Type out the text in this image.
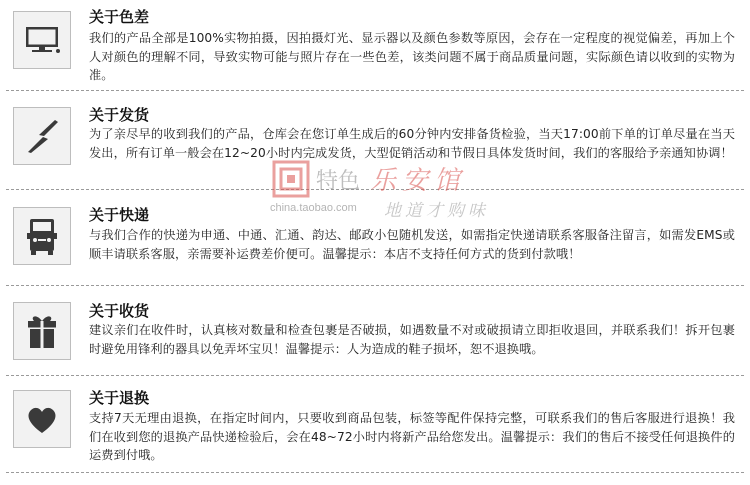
关于色差
我们的产品全部是100%实物拍摄，因拍摄灯光、显示器以及颜色参数等原因，会存在一定程度的视觉偏差，再加上个人对颜色的理解不同，导致实物可能与照片存在一些色差，该类问题不属于商品质量问题，实际颜色请以收到的实物为准。
关于发货
为了亲尽早的收到我们的产品，仓库会在您订单生成后的60分钟内安排备货检验，当天17:00前下单的订单尽量在当天发出，所有订单一般会在12~20小时内完成发货，大型促销活动和节假日具体发货时间，我们的客服给予亲通知协调！
关于快递
与我们合作的快递为申通、中通、汇通、韵达、邮政小包随机发送，如需指定快递请联系客服备注留言，如需发EMS或顺丰请联系客服，亲需要补运费差价便可。温馨提示：本店不支持任何方式的货到付款哦！
关于收货
建议亲们在收件时，认真核对数量和检查包裹是否破损，如遇数量不对或破损请立即拒收退回，并联系我们！拆开包裹时避免用锋利的器具以免弄坏宝贝！温馨提示：人为造成的鞋子损坏，恕不退换哦。
关于退换
支持7天无理由退换，在指定时间内，只要收到商品包装，标签等配件保持完整，可联系我们的售后客服进行退换！我们在收到您的退换产品快递检验后，会在48~72小时内将新产品给您发出。温馨提示：我们的售后不接受任何退换件的运费到付哦。
特色 乐安馆
china.taobao.com 地道才购味
